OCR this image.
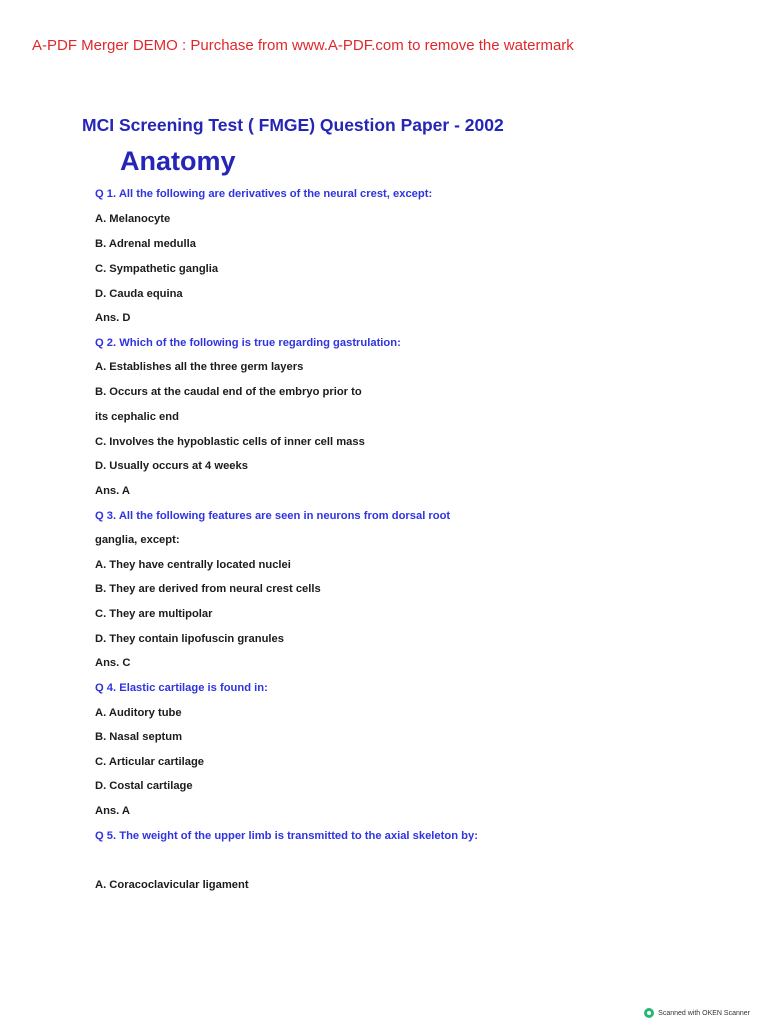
A-PDF Merger DEMO : Purchase from www.A-PDF.com to remove the watermark
MCI Screening Test ( FMGE) Question Paper - 2002
Anatomy
Q 1. All the following are derivatives of the neural crest, except:
A. Melanocyte
B. Adrenal medulla
C. Sympathetic ganglia
D. Cauda equina
Ans. D
Q 2. Which of the following is true regarding gastrulation:
A. Establishes all the three germ layers
B. Occurs at the caudal end of the embryo prior to
its cephalic end
C. Involves the hypoblastic cells of inner cell mass
D. Usually occurs at 4 weeks
Ans. A
Q 3. All the following features are seen in neurons from dorsal root
ganglia, except:
A. They have centrally located nuclei
B. They are derived from neural crest cells
C. They are multipolar
D. They contain lipofuscin granules
Ans. C
Q 4. Elastic cartilage is found in:
A. Auditory tube
B. Nasal septum
C. Articular cartilage
D. Costal cartilage
Ans. A
Q 5. The weight of the upper limb is transmitted to the axial skeleton by:
A. Coracoclavicular ligament
Scanned with OKEN Scanner
